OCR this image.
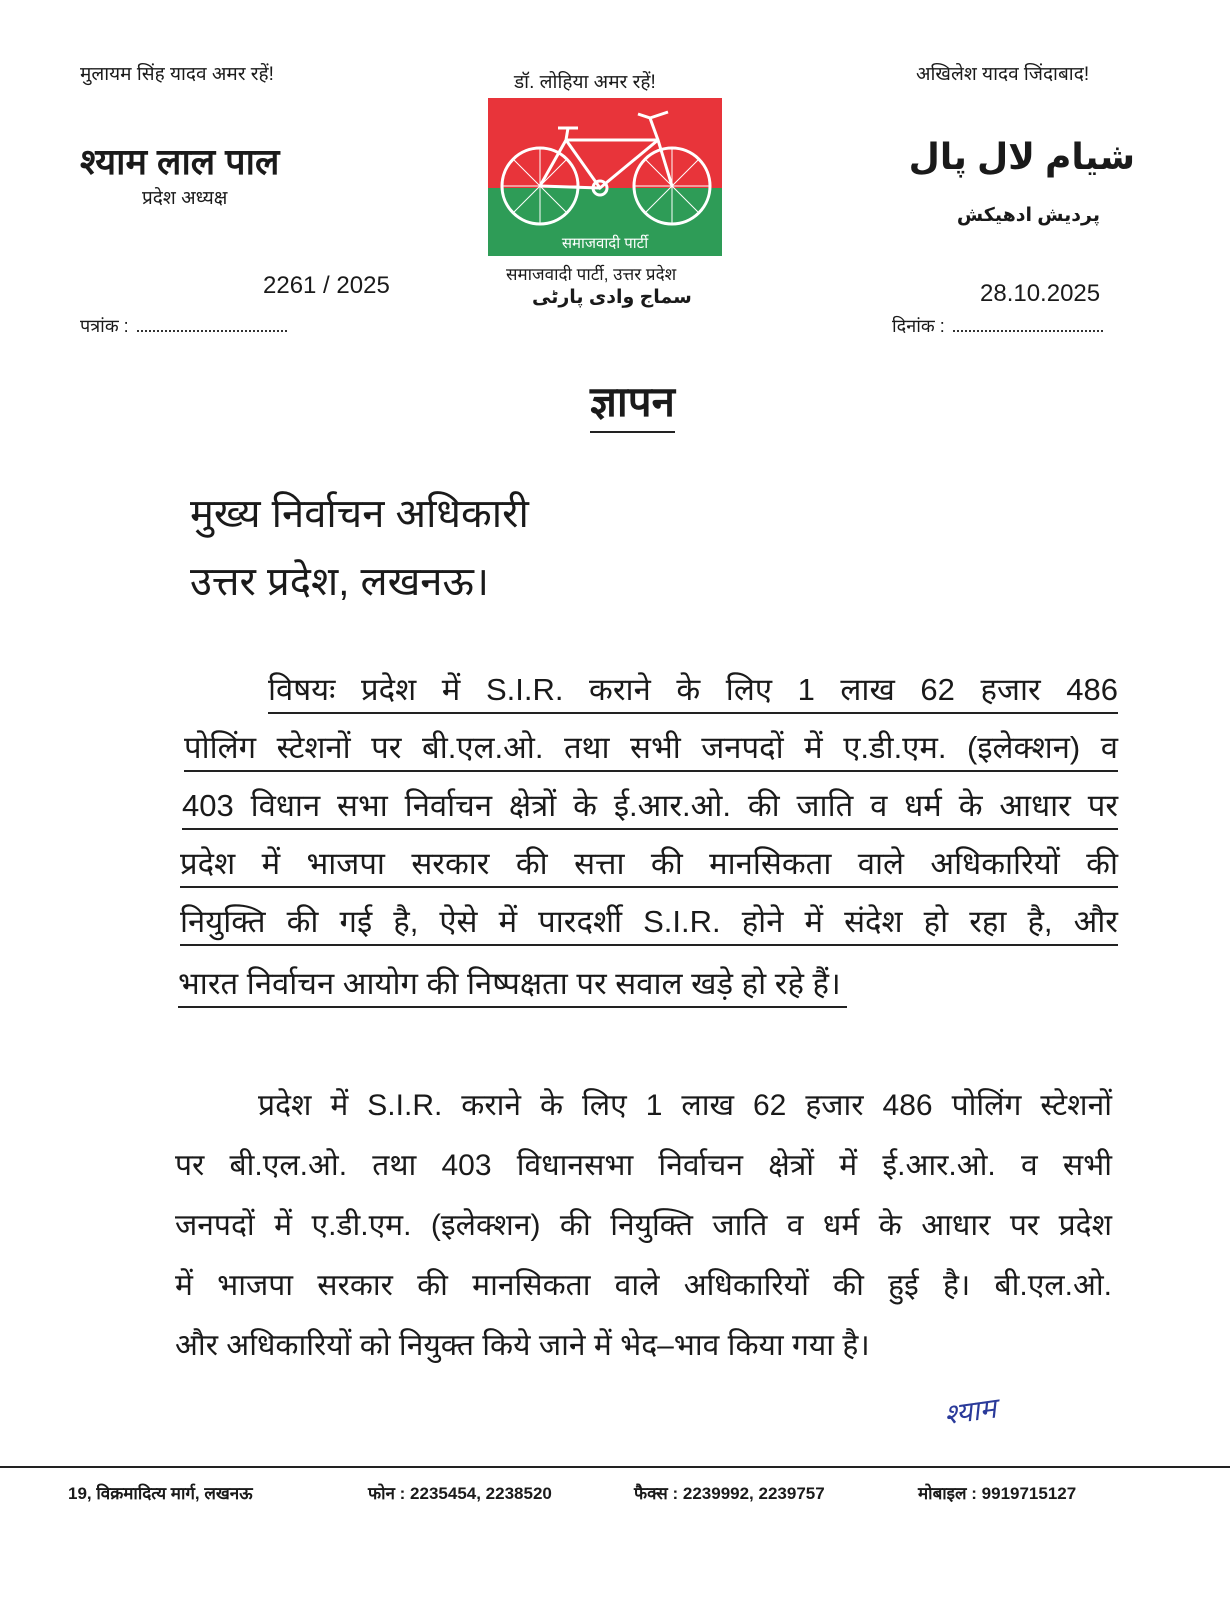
मुलायम सिंह यादव अमर रहें!	डॉ. लोहिया अमर रहें!	अखिलेश यादव जिंदाबाद!
श्याम लाल पाल
प्रदेश अध्यक्ष
شیام لال پال
پردیش ادھیکش
समाजवादी पार्टी
समाजवादी पार्टी, उत्तर प्रदेश
سماج وادی پارٹی
2261 / 2025
पत्रांक :
28.10.2025
दिनांक :
ज्ञापन
मुख्य निर्वाचन अधिकारी
उत्तर प्रदेश, लखनऊ।
विषयः प्रदेश में S.I.R. कराने के लिए 1 लाख 62 हजार 486
पोलिंग स्टेशनों पर बी.एल.ओ. तथा सभी जनपदों में ए.डी.एम. (इलेक्शन) व
403 विधान सभा निर्वाचन क्षेत्रों के ई.आर.ओ. की जाति व धर्म के आधार पर
प्रदेश में भाजपा सरकार की सत्ता की मानसिकता वाले अधिकारियों की
नियुक्ति की गई है, ऐसे में पारदर्शी S.I.R. होने में संदेश हो रहा है, और
भारत निर्वाचन आयोग की निष्पक्षता पर सवाल खड़े हो रहे हैं।
प्रदेश में S.I.R. कराने के लिए 1 लाख 62 हजार 486 पोलिंग स्टेशनों
पर बी.एल.ओ. तथा 403 विधानसभा निर्वाचन क्षेत्रों में ई.आर.ओ. व सभी
जनपदों में ए.डी.एम. (इलेक्शन) की नियुक्ति जाति व धर्म के आधार पर प्रदेश
में भाजपा सरकार की मानसिकता वाले अधिकारियों की हुई है। बी.एल.ओ.
और अधिकारियों को नियुक्त किये जाने में भेद–भाव किया गया है।
श्याम
19, विक्रमादित्य मार्ग, लखनऊ	फोन : 2235454, 2238520	फैक्स : 2239992, 2239757	मोबाइल : 9919715127
